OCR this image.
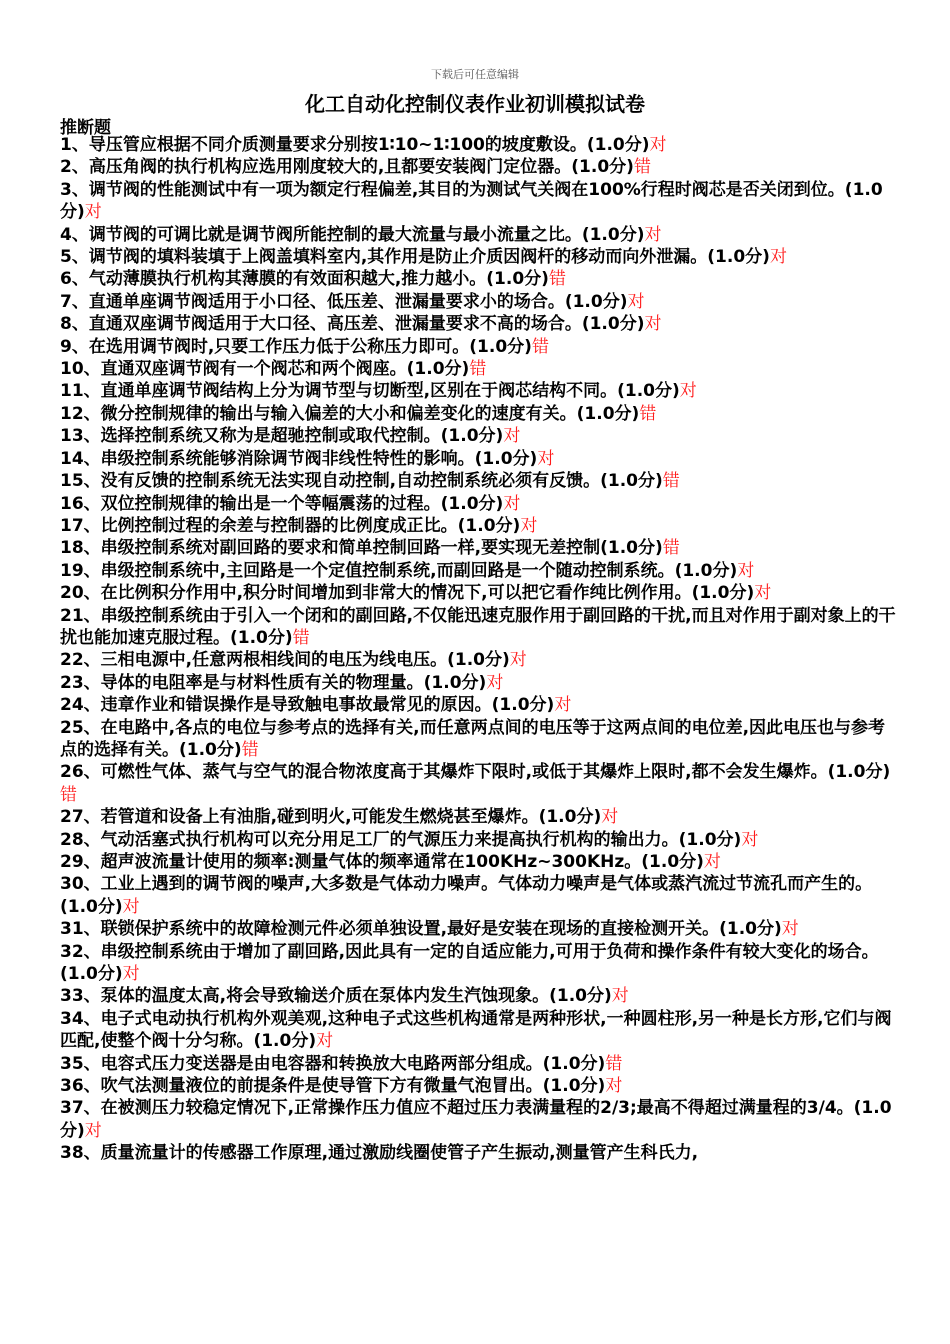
下载后可任意编辑
化工自动化控制仪表作业初训模拟试卷
推断题

1、导压管应根据不同介质测量要求分别按1∶10~1∶100的坡度敷设。(1.0分)对

2、高压角阀的执行机构应选用刚度较大的,且都要安装阀门定位器。(1.0分)错

3、调节阀的性能测试中有一项为额定行程偏差,其目的为测试气关阀在100%行程时阀芯是否关闭到位。(1.0分)对

4、调节阀的可调比就是调节阀所能控制的最大流量与最小流量之比。(1.0分)对

5、调节阀的填料装填于上阀盖填料室内,其作用是防止介质因阀杆的移动而向外泄漏。(1.0分)对

6、气动薄膜执行机构其薄膜的有效面积越大,推力越小。(1.0分)错

7、直通单座调节阀适用于小口径、低压差、泄漏量要求小的场合。(1.0分)对

8、直通双座调节阀适用于大口径、高压差、泄漏量要求不高的场合。(1.0分)对

9、在选用调节阀时,只要工作压力低于公称压力即可。(1.0分)错

10、直通双座调节阀有一个阀芯和两个阀座。(1.0分)错

11、直通单座调节阀结构上分为调节型与切断型,区别在于阀芯结构不同。(1.0分)对

12、微分控制规律的输出与输入偏差的大小和偏差变化的速度有关。(1.0分)错

13、选择控制系统又称为是超驰控制或取代控制。(1.0分)对

14、串级控制系统能够消除调节阀非线性特性的影响。(1.0分)对

15、没有反馈的控制系统无法实现自动控制,自动控制系统必须有反馈。(1.0分)错

16、双位控制规律的输出是一个等幅震荡的过程。(1.0分)对

17、比例控制过程的余差与控制器的比例度成正比。(1.0分)对

18、串级控制系统对副回路的要求和简单控制回路一样,要实现无差控制(1.0分)错

19、串级控制系统中,主回路是一个定值控制系统,而副回路是一个随动控制系统。(1.0分)对

20、在比例积分作用中,积分时间增加到非常大的情况下,可以把它看作纯比例作用。(1.0分)对

21、串级控制系统由于引入一个闭和的副回路,不仅能迅速克服作用于副回路的干扰,而且对作用于副对象上的干扰也能加速克服过程。(1.0分)错

22、三相电源中,任意两根相线间的电压为线电压。(1.0分)对

23、导体的电阻率是与材料性质有关的物理量。(1.0分)对

24、违章作业和错误操作是导致触电事故最常见的原因。(1.0分)对

25、在电路中,各点的电位与参考点的选择有关,而任意两点间的电压等于这两点间的电位差,因此电压也与参考点的选择有关。(1.0分)错

26、可燃性气体、蒸气与空气的混合物浓度高于其爆炸下限时,或低于其爆炸上限时,都不会发生爆炸。(1.0分)错

27、若管道和设备上有油脂,碰到明火,可能发生燃烧甚至爆炸。(1.0分)对

28、气动活塞式执行机构可以充分用足工厂的气源压力来提高执行机构的输出力。(1.0分)对

29、超声波流量计使用的频率:测量气体的频率通常在100KHz~300KHz。(1.0分)对

30、工业上遇到的调节阀的噪声,大多数是气体动力噪声。气体动力噪声是气体或蒸汽流过节流孔而产生的。(1.0分)对

31、联锁保护系统中的故障检测元件必须单独设置,最好是安装在现场的直接检测开关。(1.0分)对

32、串级控制系统由于增加了副回路,因此具有一定的自适应能力,可用于负荷和操作条件有较大变化的场合。(1.0分)对

33、泵体的温度太高,将会导致输送介质在泵体内发生汽蚀现象。(1.0分)对

34、电子式电动执行机构外观美观,这种电子式这些机构通常是两种形状,一种圆柱形,另一种是长方形,它们与阀匹配,使整个阀十分匀称。(1.0分)对

35、电容式压力变送器是由电容器和转换放大电路两部分组成。(1.0分)错

36、吹气法测量液位的前提条件是使导管下方有微量气泡冒出。(1.0分)对

37、在被测压力较稳定情况下,正常操作压力值应不超过压力表满量程的2/3;最高不得超过满量程的3/4。(1.0分)对

38、质量流量计的传感器工作原理,通过激励线圈使管子产生振动,测量管产生科氏力,
